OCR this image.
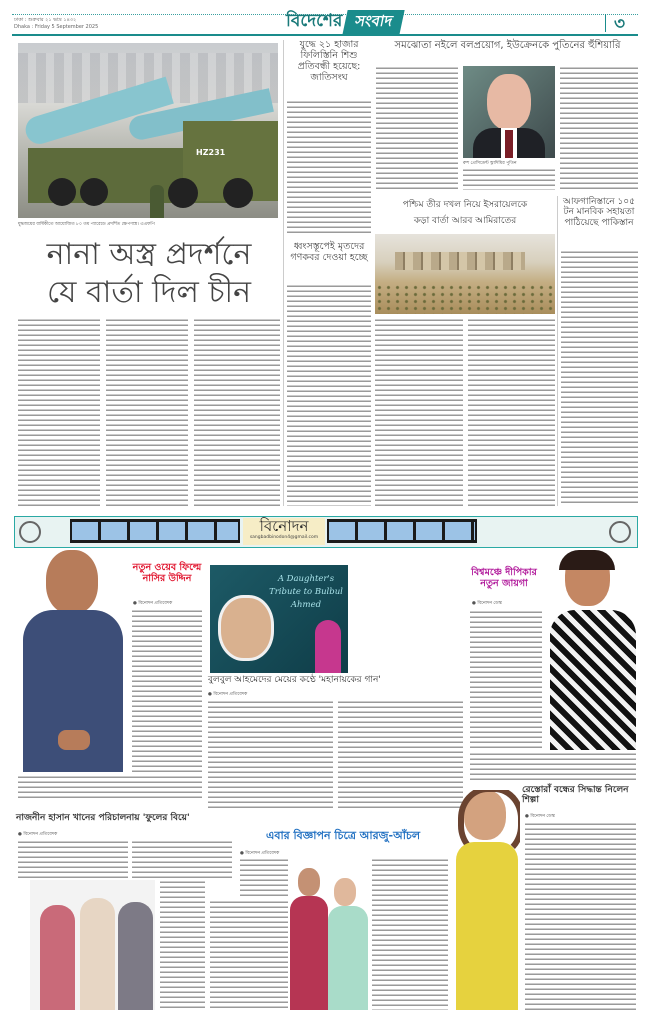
ঢাকা : শুক্রবার ২১ ভাদ্র ১৪৩২
Dhaka : Friday 5 September 2025	বিদেশের সংবাদ	৩
HZ231
যুদ্ধজয়ের বার্ষিকীতে আয়োজিত ৮০ তম প্যারেডে প্রদর্শিত ক্ষেপণাস্ত্র। এএফপি
নানা অস্ত্র প্রদর্শনে
যে বার্তা দিল চীন
যুদ্ধে ২১ হাজার ফিলিস্তিনি শিশু প্রতিবন্ধী হয়েছে: জাতিসংঘ
ধ্বংসস্তূপেই মৃতদের গণকবর দেওয়া হচ্ছে
সমঝোতা নইলে বলপ্রয়োগ, ইউক্রেনকে পুতিনের হুঁশিয়ারি
রুশ প্রেসিডেন্ট ভ্লাদিমির পুতিন
পশ্চিম তীর দখল নিয়ে ইসরায়েলকে
কড়া বার্তা আরব আমিরাতের
আফগানিস্তানে ১০৫ টন মানবিক সহায়তা পাঠিয়েছে পাকিস্তান
বিনোদন
sangbadbinodon4@gmail.com
নতুন ওয়েব ফিল্মে নাসির উদ্দিন
● বিনোদন প্রতিবেদক
A Daughter's Tribute to Bulbul Ahmed
বুলবুল আহমেদের মেয়ের কণ্ঠে 'মহানায়কের গান'
● বিনোদন প্রতিবেদক
বিশ্বমঞ্চে দীপিকার নতুন জায়গা
● বিনোদন ডেস্ক
নাজনীন হাসান খানের পরিচালনায় 'ফুলের বিয়ে'
● বিনোদন প্রতিবেদক	এবার বিজ্ঞাপন চিত্রে আরজু-আঁচল
● বিনোদন প্রতিবেদক
রেস্তোরাঁ বন্ধের সিদ্ধান্ত নিলেন শিল্পা
● বিনোদন ডেস্ক
